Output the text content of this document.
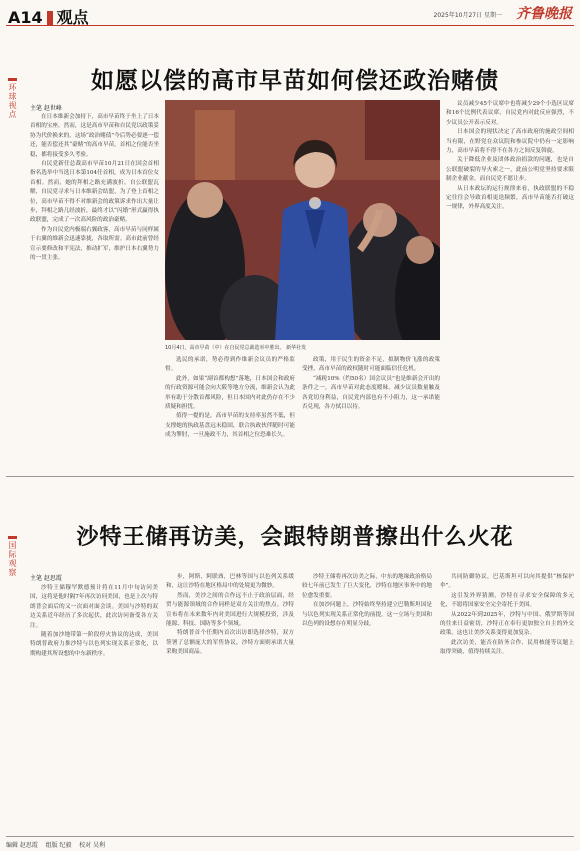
A14 观点	2025年10月27日 星期一 齐鲁晚报
环球视点
如愿以偿的高市早苗如何偿还政治赌债
主笔 赵世峰

在日本维新会加持下，高市早苗终于坐上了日本首相的宝座。然而，这是高市早苗和自民党以政策妥协为代价换来的，这场“政治赌债”今后势必要逐一偿还，能否偿还其“豪赌”的高市早苗，首相之位能否坐稳，都将接受多久考验。

自民党新任总裁高市早苗10月21日在国会首相指名选举中当选日本第104任首相，成为日本首位女首相。然而，她的拜相之路充满波折，自公联盟瓦解，自民党寻求与日本维新会结盟，为了登上首相之位，高市早苗不得不对维新会的政策诉求作出大量让步，拜相之路几经波折，最终才以“闪婚”形式赢得执政联盟，完成了一次高风险的政治豪赌。

作为自民党内极端右翼政客，高市早苗与同样属于右翼的维新会迅速靠拢，各取所需。高市此前曾经宣示要修改和平宪法，推动扩军，维护日本右翼势力的一贯主张。

10月4日，高市早苗（中）在自民党总裁选举中胜出。 新华社发

选民的承诺，势必得到作维新会议员的严格监督。

此外，如果“副首都构想”落地，日本国会和政府的行政资源可能会向大阪等地方分流，维新会认为此举有助于分散首都风险，但日本国内对此仍存在不少质疑和担忧。

值得一提的是，高市早苗的支持率虽然不低，但支撑她的执政基盘远未稳固，联合执政伙伴随时可能成为掣肘，一旦施政不力，其首相之位恐难长久。

政策，用于民生的资金不足，拟制物价飞涨的政策受挫，高市早苗的政权随时可能面临信任危机。

“减税10%（约50名）国会议员”也是维新会开出的条件之一，高市早苗对此态度暧昧。减少议员数量触及各党切身利益，自民党内部也有不小阻力，这一承诺能否兑现，各方拭目以待。

议员减少45个议席中也将减少29个小选区议席和16个比例代表议席，自民党内对此反应强烈，不少议员公开表示反对。

日本国会的现状决定了高市政府的施政空间相当有限，在野党在众议院和参议院中仍有一定影响力，高市早苗将不得不在各方之间反复斡旋。

关于降低企业及团体政治捐款的问题，也是自公联盟破裂的导火索之一，此前公明党坚持要求限制企业献金，而自民党不愿让步。

从日本政坛的运行规律来看，执政联盟的不稳定往往会导致首相更迭频繁，高市早苗能否打破这一规律，外界高度关注。

国际观察
沙特王储再访美，会跟特朗普擦出什么火花
主笔 赵思霞

沙特王储穆罕默德预计将在11月中旬访问美国，这将是他时隔7年再次访问美国，也是上次与特朗普会面后的又一次面对面会谈。美国与沙特的双边关系近年经历了多次起伏，此次访问备受各方关注。

随着加沙地带第一阶段停火协议的达成，美国特朗普政府力推沙特与以色列实现关系正常化，以期构建其所设想的中东新秩序。

步，阿斯，阿联酋，巴林等国与以色列关系缓和，这让沙特在地区格局中的处境更为微妙。

然而，美沙之间的合作远不止于政治层面，经贸与能源领域的合作同样是双方关注的焦点。沙特宣布将在未来数年内对美国进行大规模投资，涉及能源、科技、国防等多个领域。

特朗普首个任期内首次出访即选择沙特，双方签署了总额庞大的军售协议，沙特方面则承诺大量采购美国商品。

沙特王储将再次访美之际，中东的地缘政治格局较七年前已发生了巨大变化，沙特在地区事务中的地位愈发重要。

在加沙问题上，沙特始终坚持建立巴勒斯坦国是与以色列实现关系正常化的前提，这一立场与美国和以色列的设想存在明显分歧。

共同防御协议，巴基斯坦可以向其提供“核保护伞”。

这引发外界猜测，沙特在寻求安全保障的多元化，不愿将国家安全完全寄托于美国。

从2022年到2025年，沙特与中国、俄罗斯等国的往来日益密切，沙特正在奉行更加独立自主的外交政策，这也让美沙关系变得更加复杂。

此次访美，能否在防务合作、民用核能等议题上取得突破，值得持续关注。

编辑 赵思霞 组版 纪毅 校对 吴利
